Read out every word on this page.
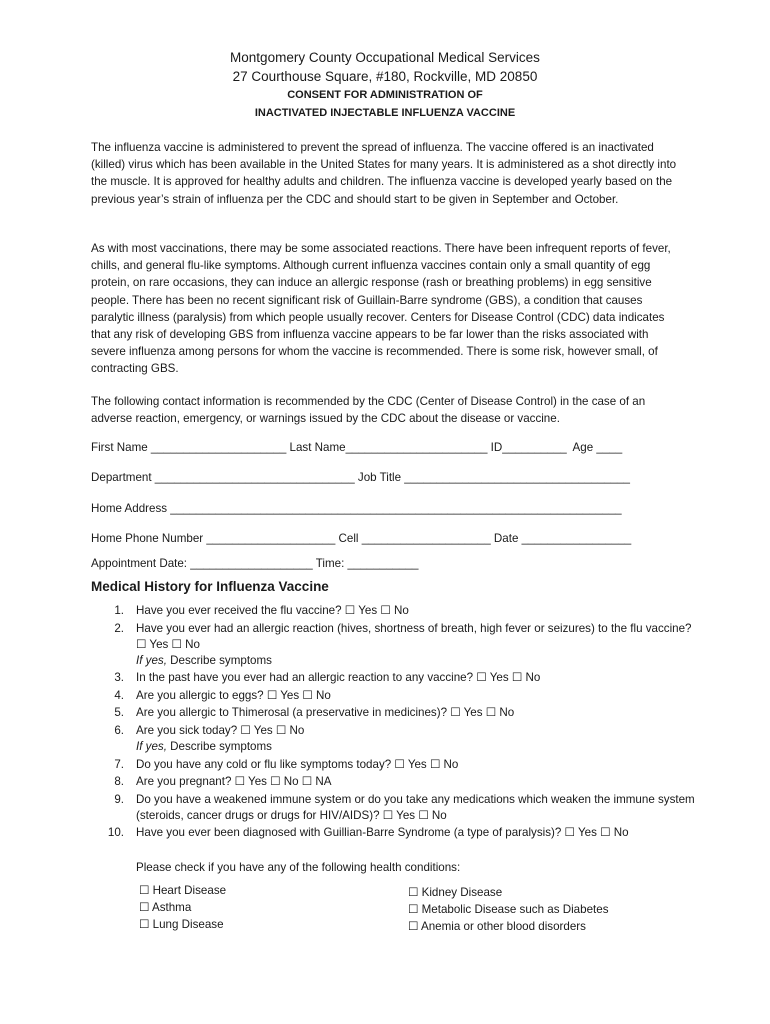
Montgomery County Occupational Medical Services
27 Courthouse Square, #180, Rockville, MD 20850
CONSENT FOR ADMINISTRATION OF
INACTIVATED INJECTABLE INFLUENZA VACCINE

The influenza vaccine is administered to prevent the spread of influenza. The vaccine offered is an inactivated (killed) virus which has been available in the United States for many years. It is administered as a shot directly into the muscle. It is approved for healthy adults and children. The influenza vaccine is developed yearly based on the previous year’s strain of influenza per the CDC and should start to be given in September and October.

As with most vaccinations, there may be some associated reactions. There have been infrequent reports of fever, chills, and general flu-like symptoms. Although current influenza vaccines contain only a small quantity of egg protein, on rare occasions, they can induce an allergic response (rash or breathing problems) in egg sensitive people. There has been no recent significant risk of Guillain-Barre syndrome (GBS), a condition that causes paralytic illness (paralysis) from which people usually recover. Centers for Disease Control (CDC) data indicates that any risk of developing GBS from influenza vaccine appears to be far lower than the risks associated with severe influenza among persons for whom the vaccine is recommended. There is some risk, however small, of contracting GBS.

The following contact information is recommended by the CDC (Center of Disease Control) in the case of an adverse reaction, emergency, or warnings issued by the CDC about the disease or vaccine.

First Name _____________________ Last Name______________________ ID__________  Age ____
Department _______________________________ Job Title ___________________________________
Home Address ______________________________________________________________________
Home Phone Number ____________________ Cell ____________________ Date _________________
Appointment Date: ___________________ Time: ___________
Medical History for Influenza Vaccine
1. Have you ever received the flu vaccine? ☐ Yes ☐ No
2. Have you ever had an allergic reaction (hives, shortness of breath, high fever or seizures) to the flu vaccine? ☐ Yes ☐ No
If yes, Describe symptoms
3. In the past have you ever had an allergic reaction to any vaccine? ☐ Yes ☐ No
4. Are you allergic to eggs? ☐ Yes ☐ No
5. Are you allergic to Thimerosal (a preservative in medicines)? ☐ Yes ☐ No
6. Are you sick today? ☐ Yes ☐ No
If yes, Describe symptoms
7. Do you have any cold or flu like symptoms today? ☐ Yes ☐ No
8. Are you pregnant? ☐ Yes ☐ No ☐ NA
9. Do you have a weakened immune system or do you take any medications which weaken the immune system (steroids, cancer drugs or drugs for HIV/AIDS)? ☐ Yes ☐ No
10. Have you ever been diagnosed with Guillian-Barre Syndrome (a type of paralysis)? ☐ Yes ☐ No
Please check if you have any of the following health conditions:
☐ Heart Disease
☐ Asthma
☐ Lung Disease
☐ Kidney Disease
☐ Metabolic Disease such as Diabetes
☐ Anemia or other blood disorders
